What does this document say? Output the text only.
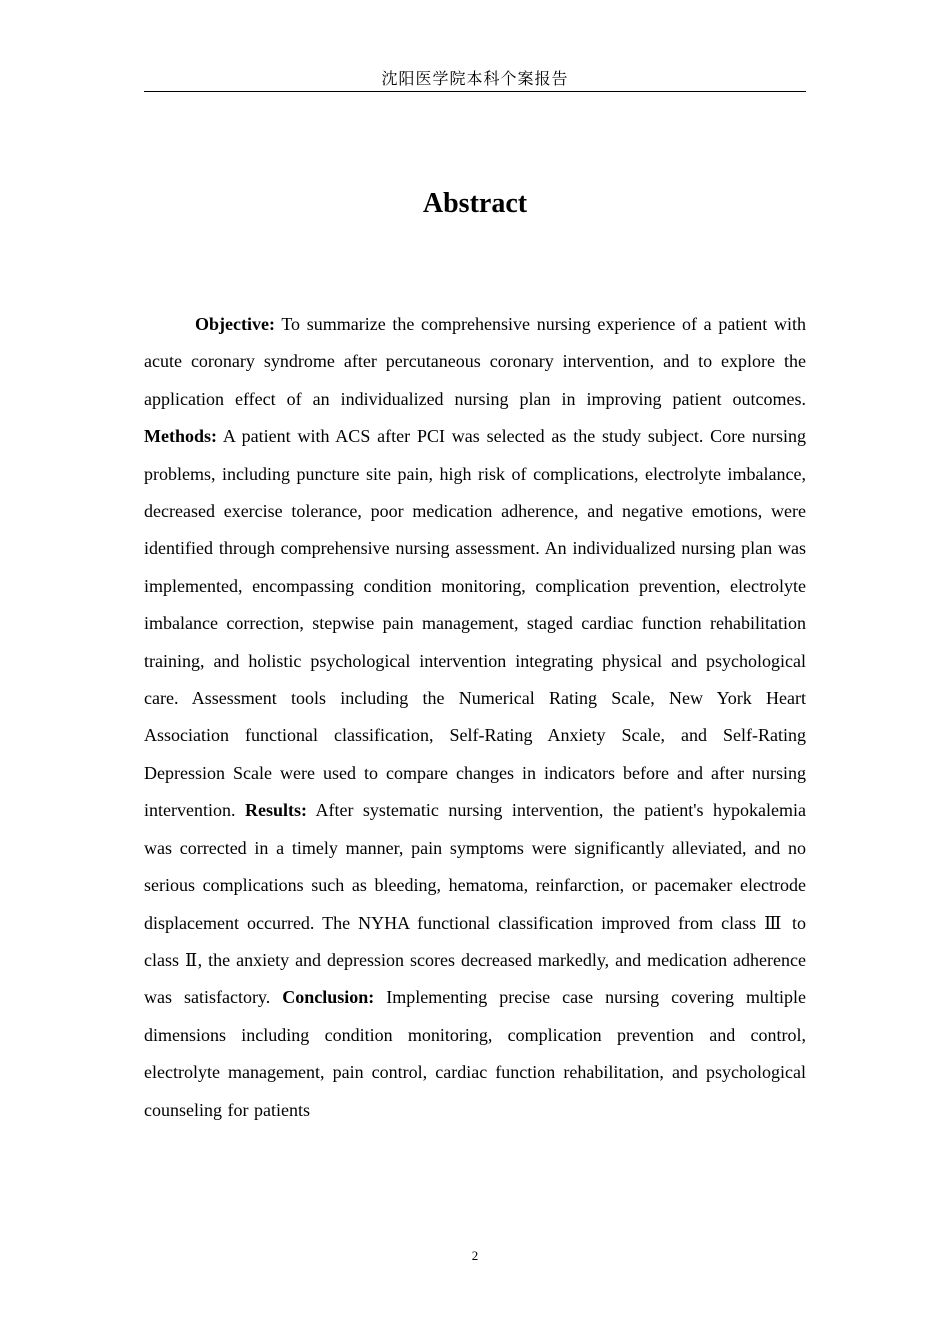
沈阳医学院本科个案报告
Abstract

Objective: To summarize the comprehensive nursing experience of a patient with acute coronary syndrome after percutaneous coronary intervention, and to explore the application effect of an individualized nursing plan in improving patient outcomes. Methods: A patient with ACS after PCI was selected as the study subject. Core nursing problems, including puncture site pain, high risk of complications, electrolyte imbalance, decreased exercise tolerance, poor medication adherence, and negative emotions, were identified through comprehensive nursing assessment. An individualized nursing plan was implemented, encompassing condition monitoring, complication prevention, electrolyte imbalance correction, stepwise pain management, staged cardiac function rehabilitation training, and holistic psychological intervention integrating physical and psychological care. Assessment tools including the Numerical Rating Scale, New York Heart Association functional classification, Self-Rating Anxiety Scale, and Self-Rating Depression Scale were used to compare changes in indicators before and after nursing intervention. Results: After systematic nursing intervention, the patient's hypokalemia was corrected in a timely manner, pain symptoms were significantly alleviated, and no serious complications such as bleeding, hematoma, reinfarction, or pacemaker electrode displacement occurred. The NYHA functional classification improved from class Ⅲ to class Ⅱ, the anxiety and depression scores decreased markedly, and medication adherence was satisfactory. Conclusion: Implementing precise case nursing covering multiple dimensions including condition monitoring, complication prevention and control, electrolyte management, pain control, cardiac function rehabilitation, and psychological counseling for patients

2
